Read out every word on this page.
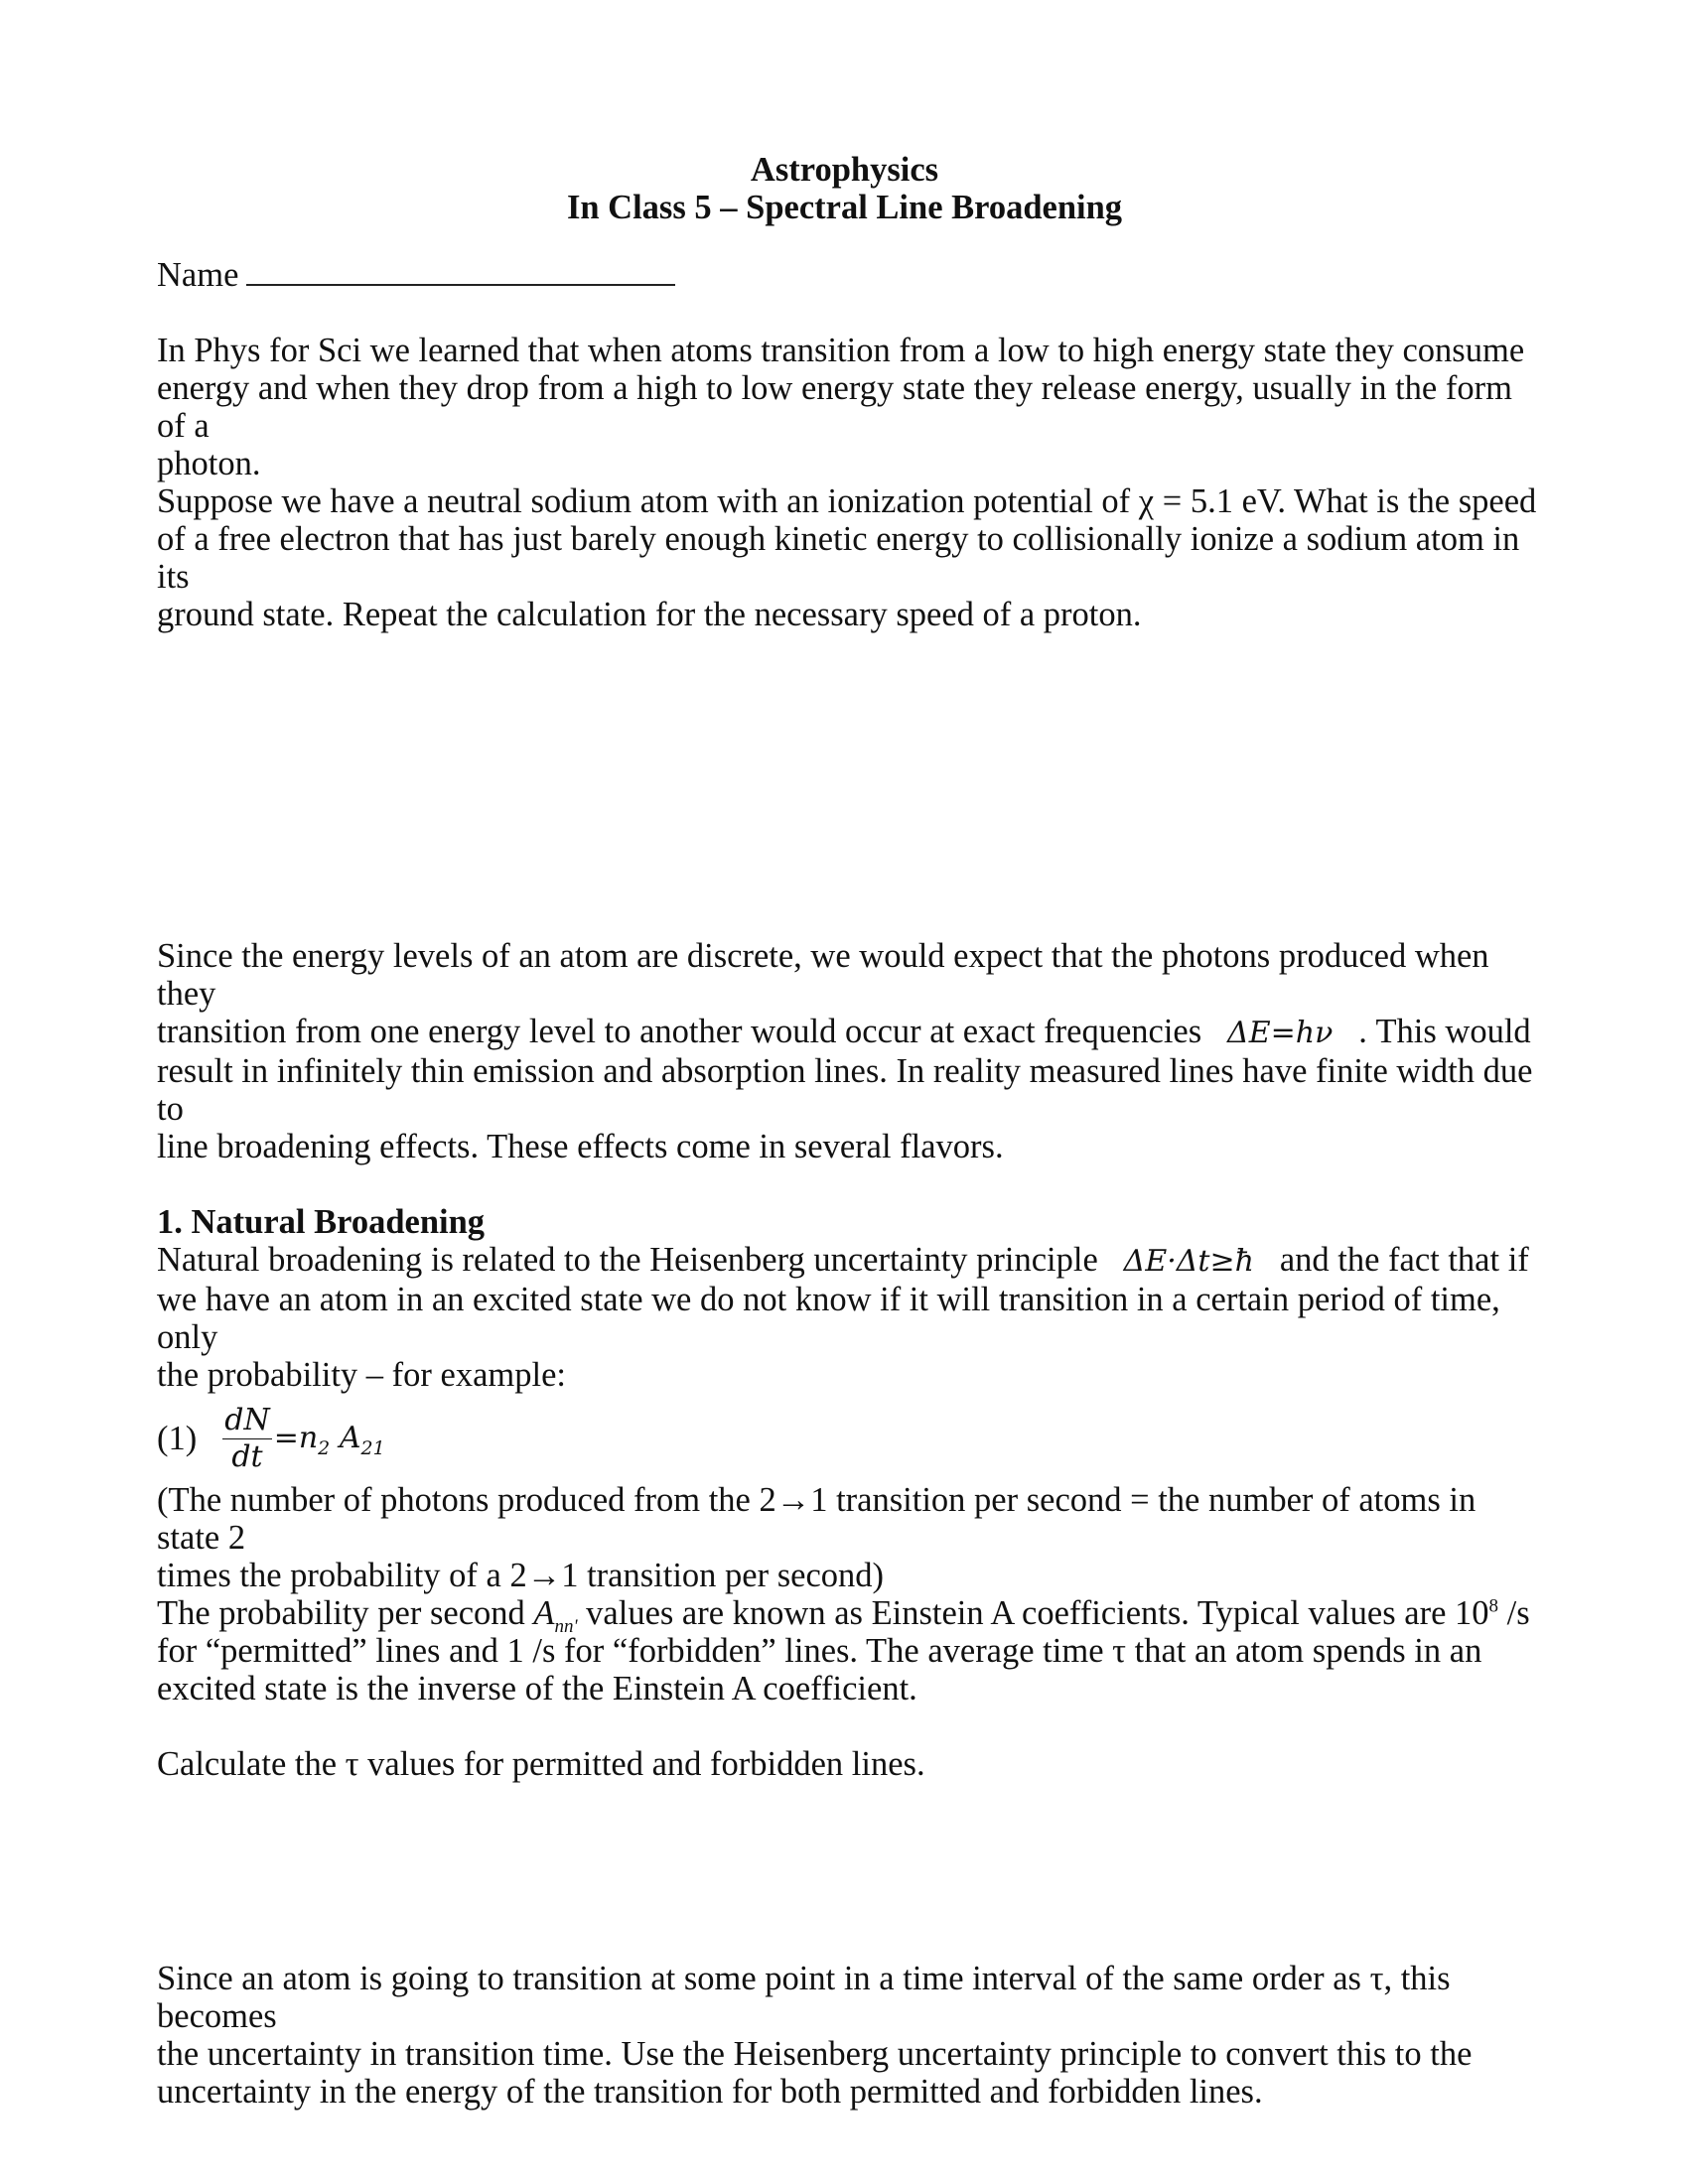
Astrophysics
In Class 5 – Spectral Line Broadening
Name

In Phys for Sci we learned that when atoms transition from a low to high energy state they consume

energy and when they drop from a high to low energy state they release energy, usually in the form of a

photon.

Suppose we have a neutral sodium atom with an ionization potential of χ = 5.1 eV. What is the speed

of a free electron that has just barely enough kinetic energy to collisionally ionize a sodium atom in its

ground state. Repeat the calculation for the necessary speed of a proton.

Since the energy levels of an atom are discrete, we would expect that the photons produced when they

transition from one energy level to another would occur at exact frequencies ΔE=hν . This would

result in infinitely thin emission and absorption lines. In reality measured lines have finite width due to

line broadening effects. These effects come in several flavors.

1. Natural Broadening

Natural broadening is related to the Heisenberg uncertainty principle ΔE·Δt≥ħ and the fact that if

we have an atom in an excited state we do not know if it will transition in a certain period of time, only

the probability – for example:

$(1) \frac{dN}{dt} =n_2$ $A_{21}$

(The number of photons produced from the 2→1 transition per second = the number of atoms in state 2

times the probability of a 2→1 transition per second)

The probability per second $A_{nn'}$ values are known as Einstein A coefficients. Typical values are $10^8$ /s

for “permitted” lines and 1 /s for “forbidden” lines. The average time τ that an atom spends in an

excited state is the inverse of the Einstein A coefficient.

Calculate the τ values for permitted and forbidden lines.

Since an atom is going to transition at some point in a time interval of the same order as τ, this becomes

the uncertainty in transition time. Use the Heisenberg uncertainty principle to convert this to the

uncertainty in the energy of the transition for both permitted and forbidden lines.
